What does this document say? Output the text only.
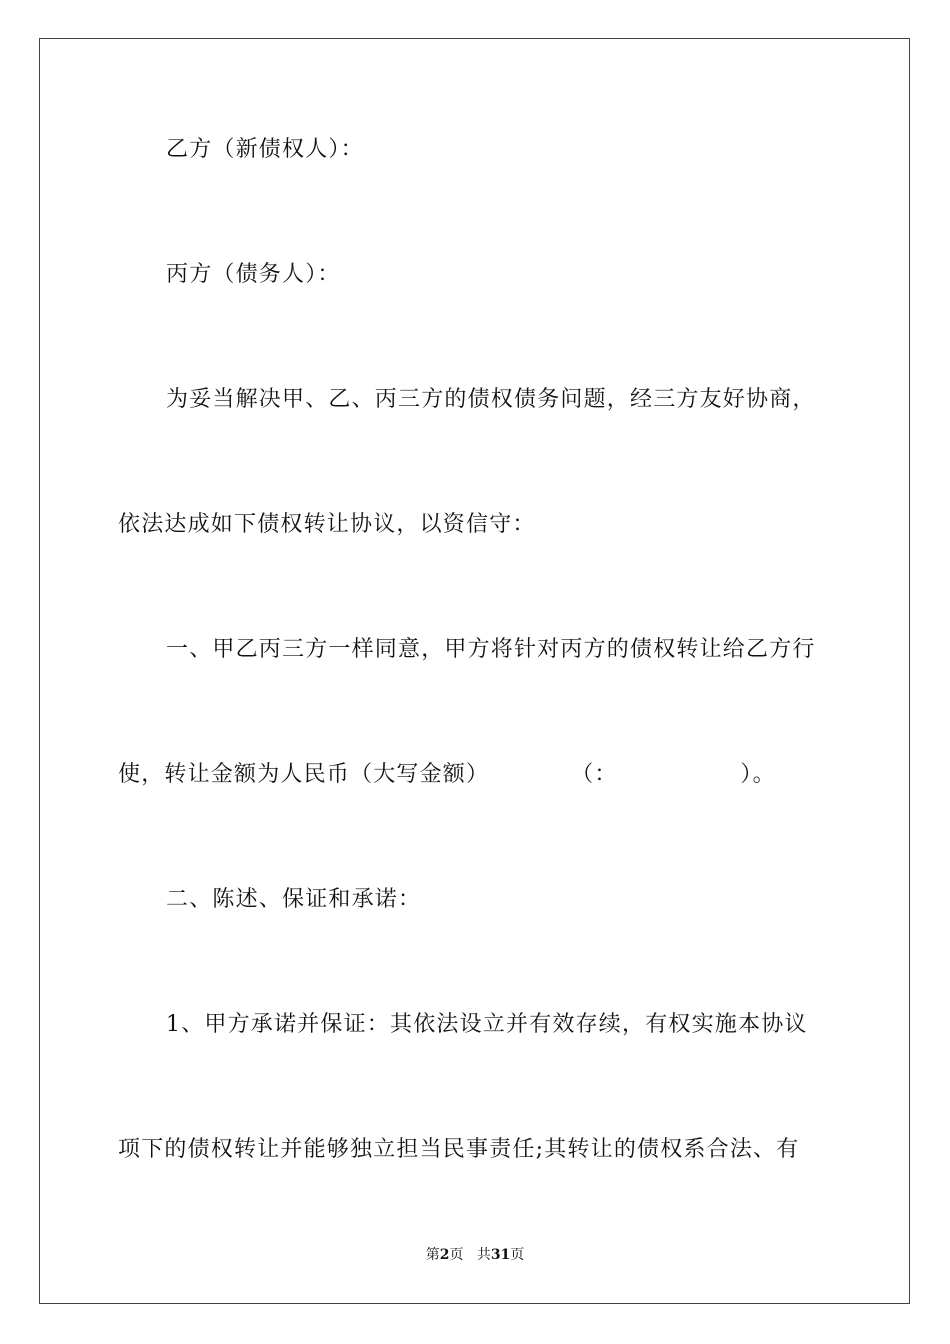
乙方（新债权人）：
丙方（债务人）：
为妥当解决甲、乙、丙三方的债权债务问题，经三方友好协商，
依法达成如下债权转让协议，以资信守：
一、甲乙丙三方一样同意，甲方将针对丙方的债权转让给乙方行
使，转让金额为人民币（大写金额）          （：               ）。
二、陈述、保证和承诺：
1、甲方承诺并保证：其依法设立并有效存续，有权实施本协议
项下的债权转让并能够独立担当民事责任;其转让的债权系合法、有
第2页 共31页
